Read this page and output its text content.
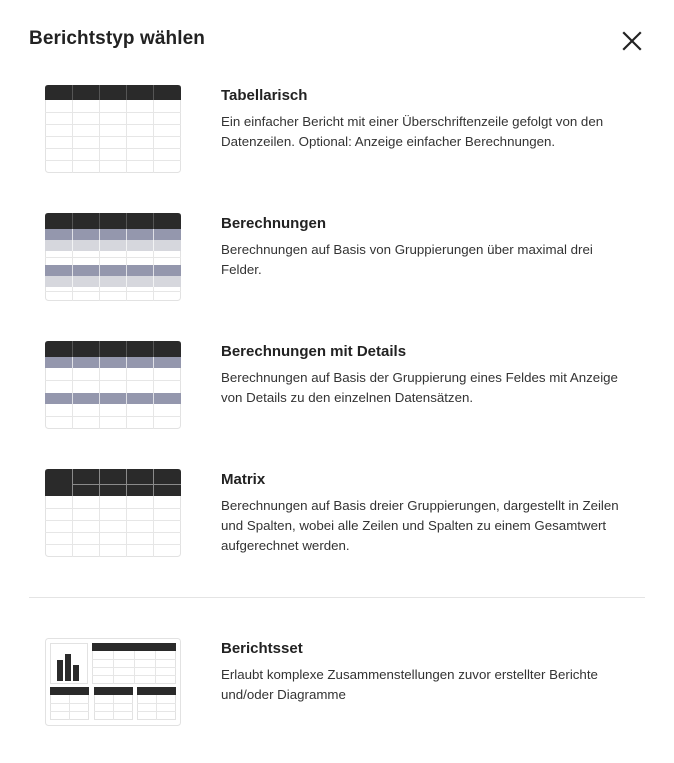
Berichtstyp wählen
Tabellarisch
Ein einfacher Bericht mit einer Überschriftenzeile gefolgt von den Datenzeilen. Optional: Anzeige einfacher Berechnungen.
Berechnungen
Berechnungen auf Basis von Gruppierungen über maximal drei Felder.
Berechnungen mit Details
Berechnungen auf Basis der Gruppierung eines Feldes mit Anzeige von Details zu den einzelnen Datensätzen.
Matrix
Berechnungen auf Basis dreier Gruppierungen, dargestellt in Zeilen und Spalten, wobei alle Zeilen und Spalten zu einem Gesamtwert aufgerechnet werden.
Berichtsset
Erlaubt komplexe Zusammenstellungen zuvor erstellter Berichte und/oder Diagramme
